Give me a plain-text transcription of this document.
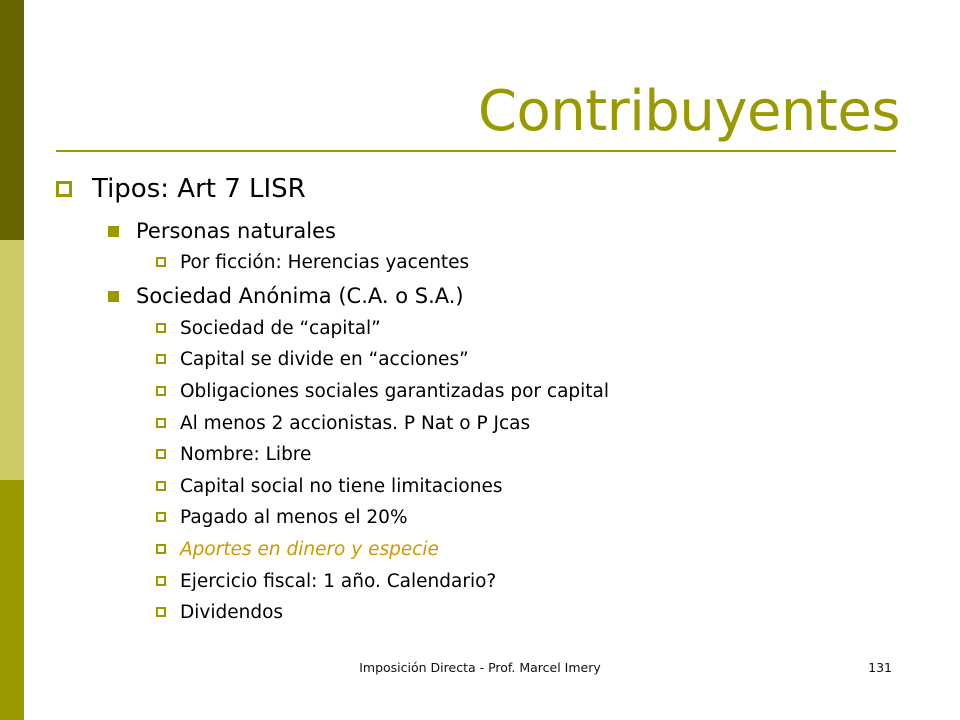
Contribuyentes
Tipos: Art 7 LISR
Personas naturales
Por ficción: Herencias yacentes
Sociedad Anónima (C.A. o S.A.)
Sociedad de “capital”
Capital se divide en “acciones”
Obligaciones sociales garantizadas por capital
Al menos 2 accionistas. P Nat o P Jcas
Nombre: Libre
Capital social no tiene limitaciones
Pagado al menos el 20%
Aportes en dinero y especie
Ejercicio fiscal: 1 año. Calendario?
Dividendos
Imposición Directa - Prof. Marcel Imery	131
